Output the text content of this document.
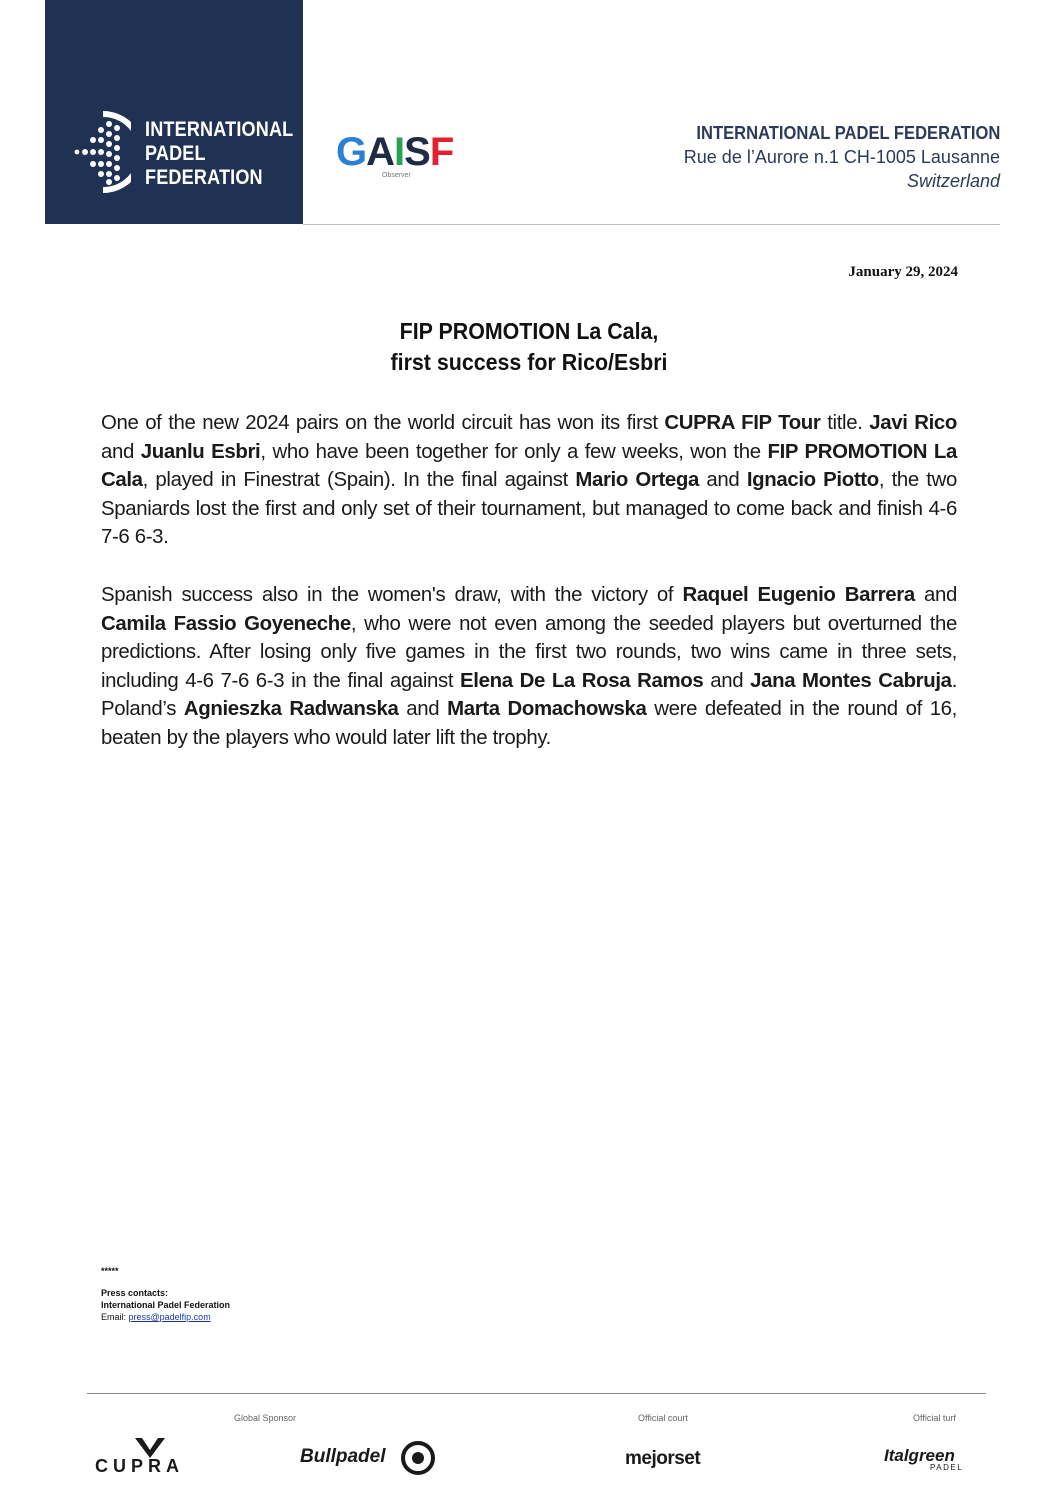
INTERNATIONAL
PADEL
FEDERATION
GAISF
Observer
INTERNATIONAL PADEL FEDERATION
Rue de l’Aurore n.1 CH-1005 Lausanne
Switzerland
January 29, 2024
FIP PROMOTION La Cala,
first success for Rico/Esbri

One of the new 2024 pairs on the world circuit has won its first CUPRA FIP Tour title. Javi Rico and Juanlu Esbri, who have been together for only a few weeks, won the FIP PROMOTION La Cala, played in Finestrat (Spain). In the final against Mario Ortega and Ignacio Piotto, the two Spaniards lost the first and only set of their tournament, but managed to come back and finish 4-6 7-6 6-3.

Spanish success also in the women's draw, with the victory of Raquel Eugenio Barrera and Camila Fassio Goyeneche, who were not even among the seeded players but overturned the predictions. After losing only five games in the first two rounds, two wins came in three sets, including 4-6 7-6 6-3 in the final against Elena De La Rosa Ramos and Jana Montes Cabruja. Poland’s Agnieszka Radwanska and Marta Domachowska were defeated in the round of 16, beaten by the players who would later lift the trophy.

*****
Press contacts:
International Padel Federation
Email: press@padelfip.com
Global Sponsor	Official court	Official turf
CUPRA	Bullpadel	mejorset	Italgreen
PADEL
